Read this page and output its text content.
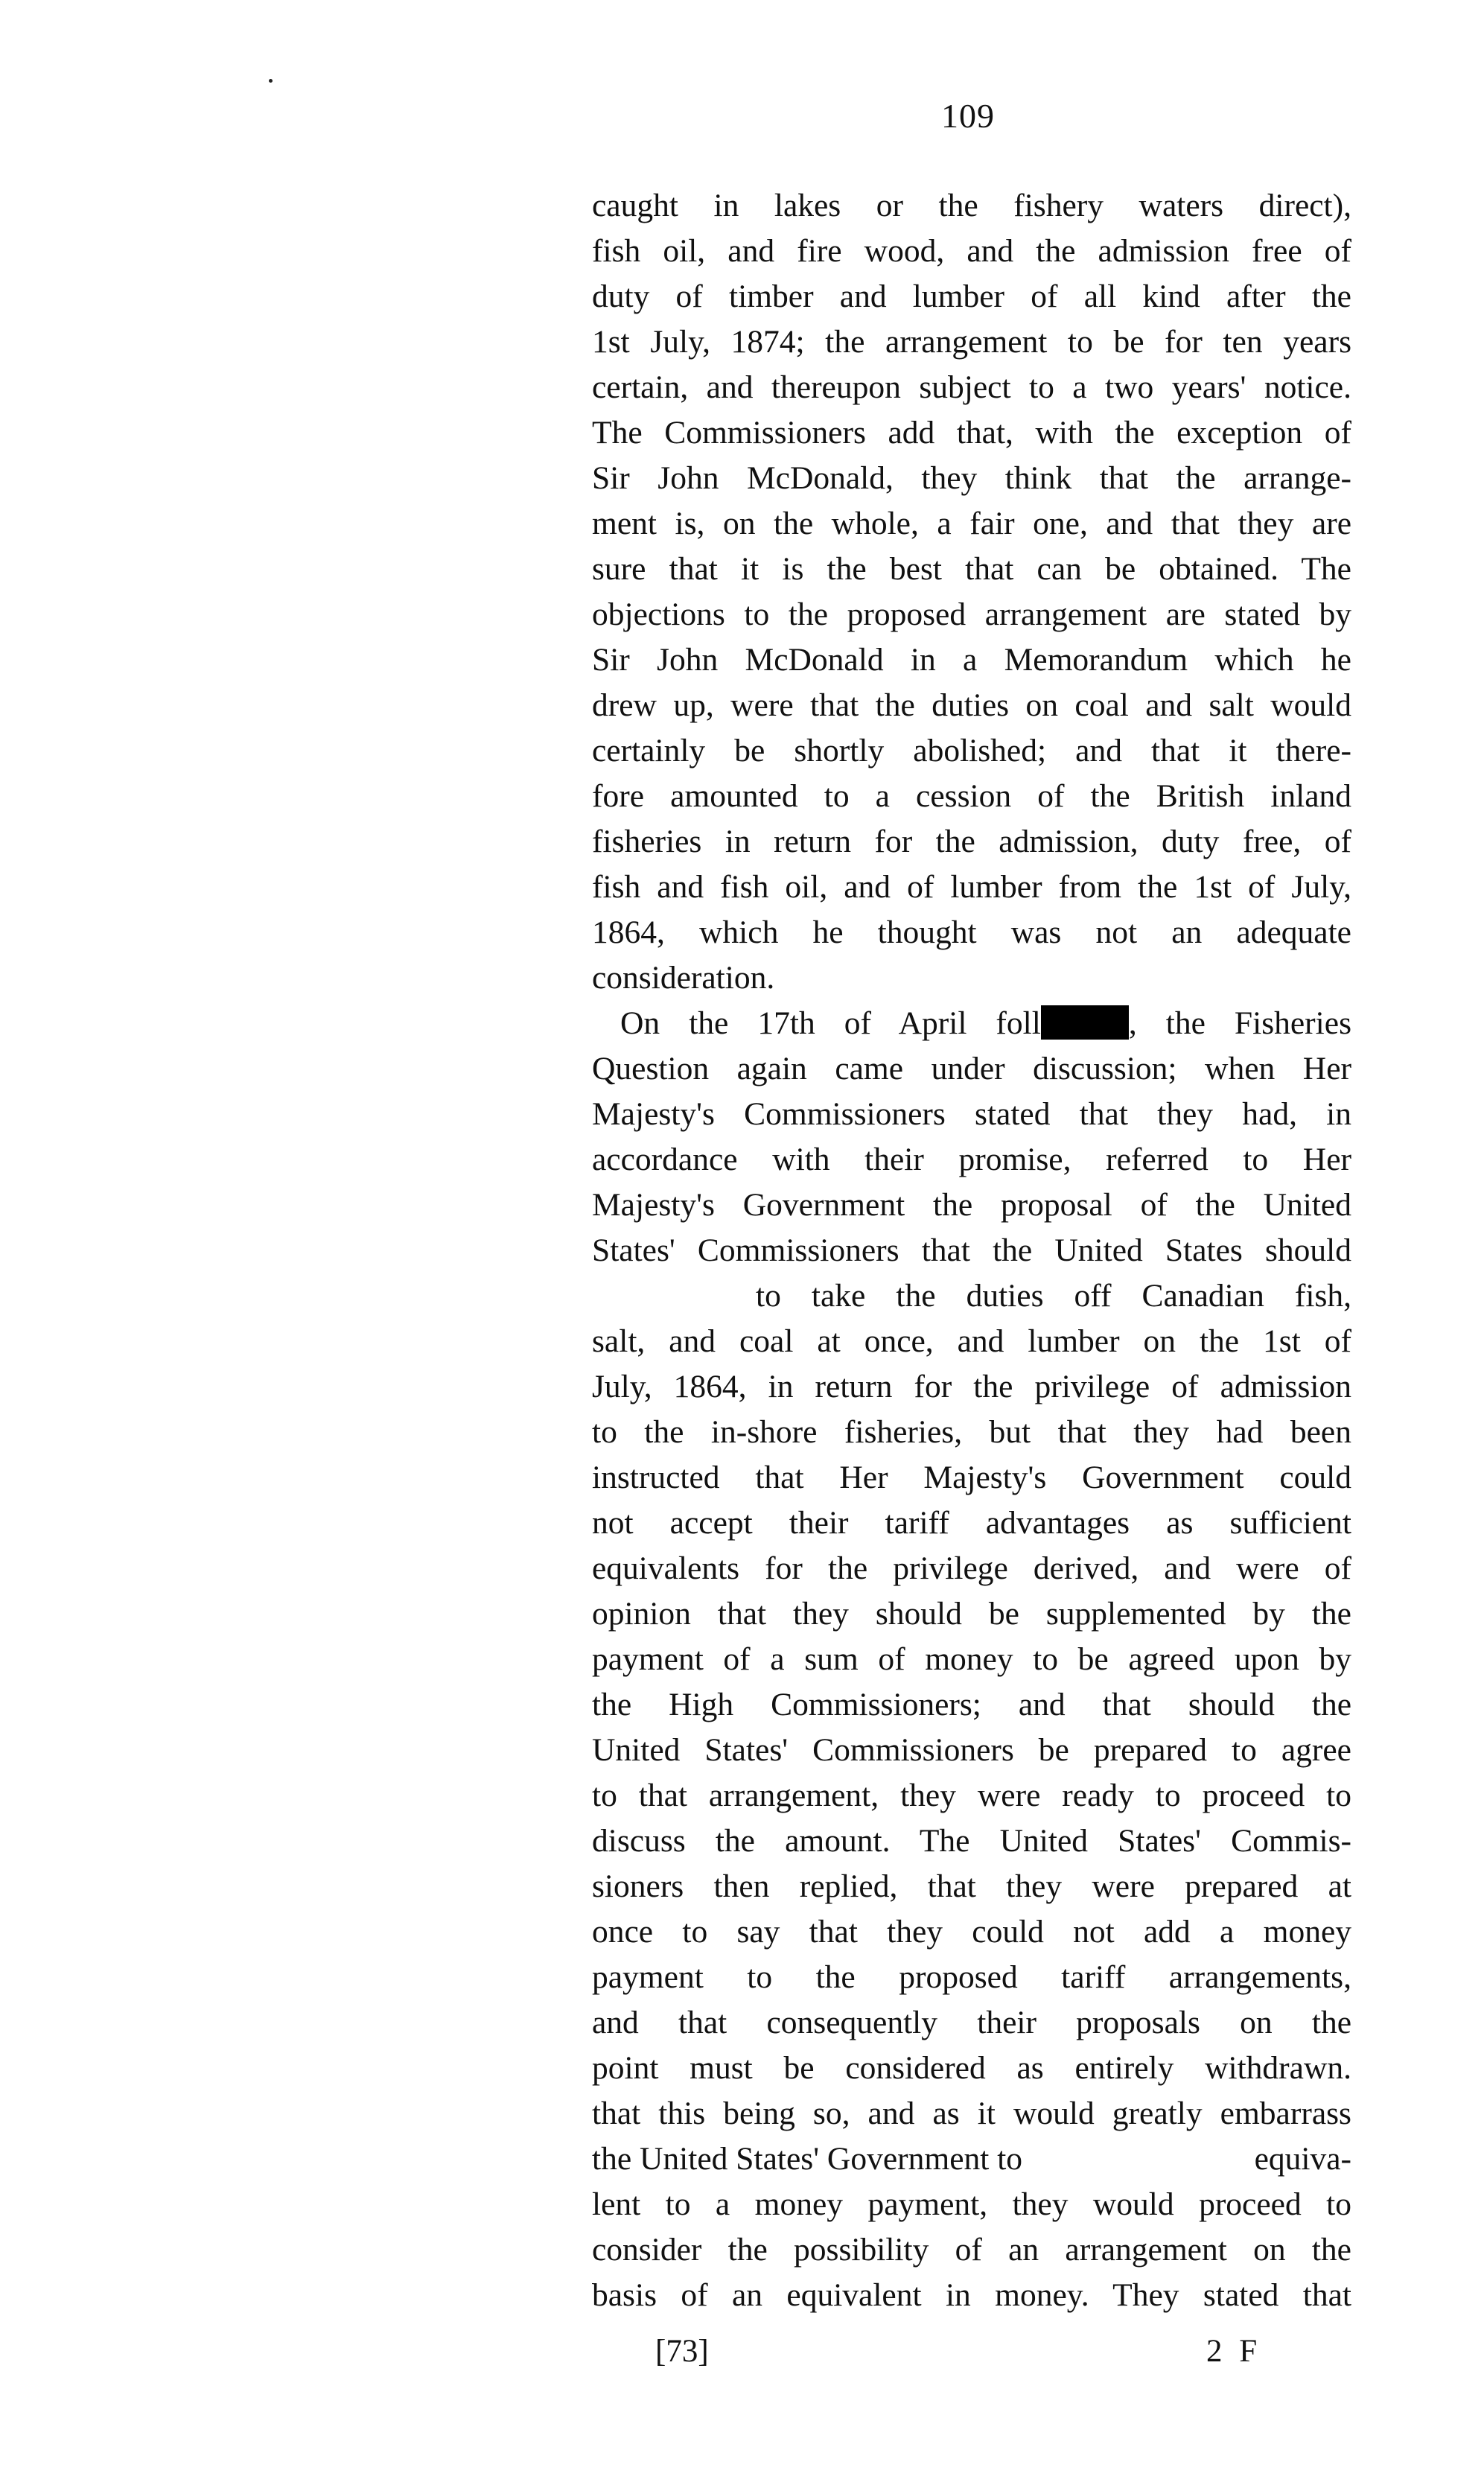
109
caught in lakes or the fishery waters direct),
fish oil, and fire wood, and the admission free of
duty of timber and lumber of all kind after the
1st July, 1874; the arrangement to be for ten years
certain, and thereupon subject to a two years' notice.
The Commissioners add that, with the exception of
Sir John McDonald, they think that the arrange-
ment is, on the whole, a fair one, and that they are
sure that it is the best that can be obtained. The
objections to the proposed arrangement are stated by
Sir John McDonald in a Memorandum which he
drew up, were that the duties on coal and salt would
certainly be shortly abolished; and that it there-
fore amounted to a cession of the British inland
fisheries in return for the admission, duty free, of
fish and fish oil, and of lumber from the 1st of July,
1864, which he thought was not an adequate
consideration.
On the 17th of April foll	, the Fisheries
Question again came under discussion; when Her
Majesty's Commissioners stated that they had, in
accordance with their promise, referred to Her
Majesty's Government the proposal of the United
States' Commissioners that the United States should
to take the duties off Canadian fish,
salt, and coal at once, and lumber on the 1st of
July, 1864, in return for the privilege of admission
to the in-shore fisheries, but that they had been
instructed that Her Majesty's Government could
not accept their tariff advantages as sufficient
equivalents for the privilege derived, and were of
opinion that they should be supplemented by the
payment of a sum of money to be agreed upon by
the High Commissioners; and that should the
United States' Commissioners be prepared to agree
to that arrangement, they were ready to proceed to
discuss the amount. The United States' Commis-
sioners then replied, that they were prepared at
once to say that they could not add a money
payment to the proposed tariff arrangements,
and that consequently their proposals on the
point must be considered as entirely withdrawn.
that this being so, and as it would greatly embarrass
the United States' Government to	equiva-
lent to a money payment, they would proceed to
consider the possibility of an arrangement on the
basis of an equivalent in money. They stated that
[73]	2 F
